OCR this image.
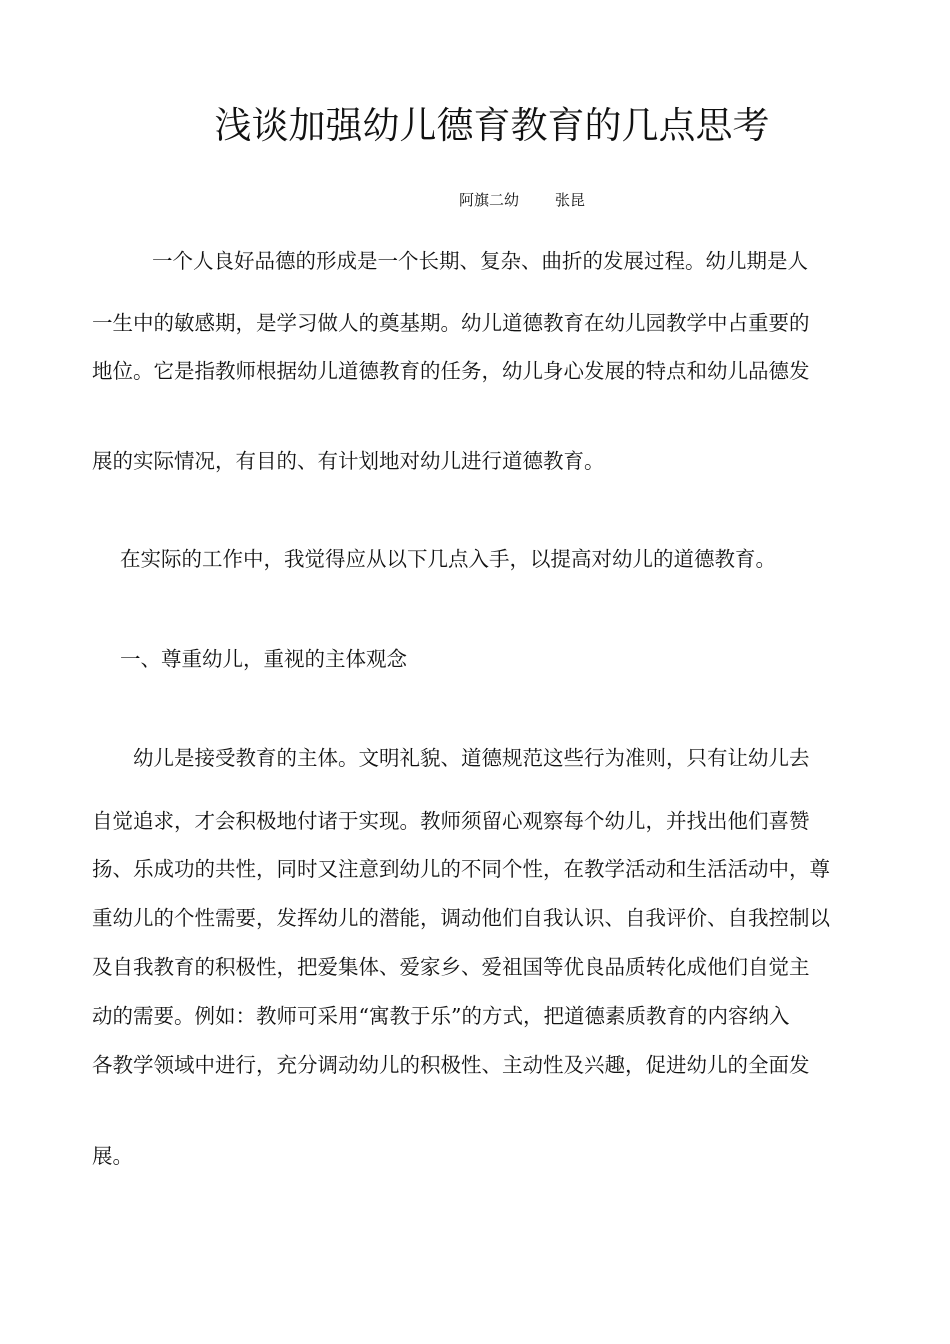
浅谈加强幼儿德育教育的几点思考
阿旗二幼 张昆
一个人良好品德的形成是一个长期、复杂、曲折的发展过程。幼儿期是人
一生中的敏感期，是学习做人的奠基期。幼儿道德教育在幼儿园教学中占重要的
地位。它是指教师根据幼儿道德教育的任务，幼儿身心发展的特点和幼儿品德发
展的实际情况，有目的、有计划地对幼儿进行道德教育。
在实际的工作中，我觉得应从以下几点入手，以提高对幼儿的道德教育。
一、尊重幼儿，重视的主体观念
幼儿是接受教育的主体。文明礼貌、道德规范这些行为准则，只有让幼儿去
自觉追求，才会积极地付诸于实现。教师须留心观察每个幼儿，并找出他们喜赞
扬、乐成功的共性，同时又注意到幼儿的不同个性，在教学活动和生活活动中，尊
重幼儿的个性需要，发挥幼儿的潜能，调动他们自我认识、自我评价、自我控制以
及自我教育的积极性，把爱集体、爱家乡、爱祖国等优良品质转化成他们自觉主
动的需要。例如：教师可采用“寓教于乐”的方式，把道德素质教育的内容纳入
各教学领域中进行，充分调动幼儿的积极性、主动性及兴趣，促进幼儿的全面发
展。
